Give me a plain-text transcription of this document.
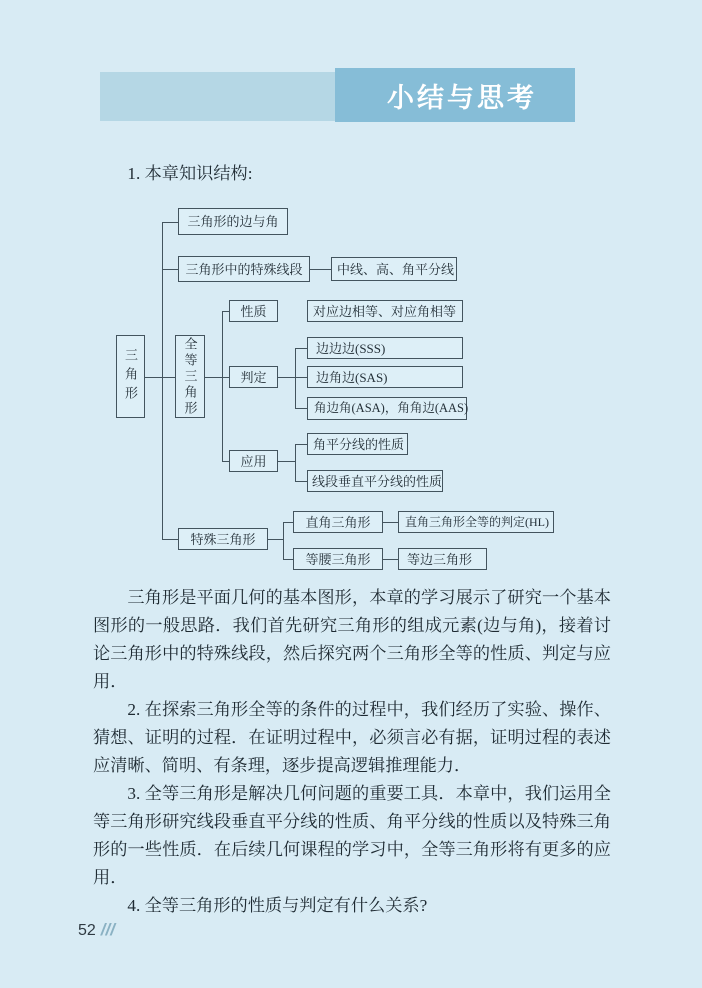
小结与思考
1. 本章知识结构:
三角形
三角形的边与角
三角形中的特殊线段	中线、高、角平分线
全等三角形
性质	对应边相等、对应角相等
判定
边边边(SSS)
边角边(SAS)
角边角(ASA)，角角边(AAS)
应用
角平分线的性质
线段垂直平分线的性质
特殊三角形
直角三角形	直角三角形全等的判定(HL)
等腰三角形	等边三角形

三角形是平面几何的基本图形，本章的学习展示了研究一个基本图形的一般思路．我们首先研究三角形的组成元素(边与角)，接着讨论三角形中的特殊线段，然后探究两个三角形全等的性质、判定与应用．

2. 在探索三角形全等的条件的过程中，我们经历了实验、操作、猜想、证明的过程．在证明过程中，必须言必有据，证明过程的表述应清晰、简明、有条理，逐步提高逻辑推理能力．

3. 全等三角形是解决几何问题的重要工具．本章中，我们运用全等三角形研究线段垂直平分线的性质、角平分线的性质以及特殊三角形的一些性质．在后续几何课程的学习中，全等三角形将有更多的应用．

4. 全等三角形的性质与判定有什么关系?

52 ///
